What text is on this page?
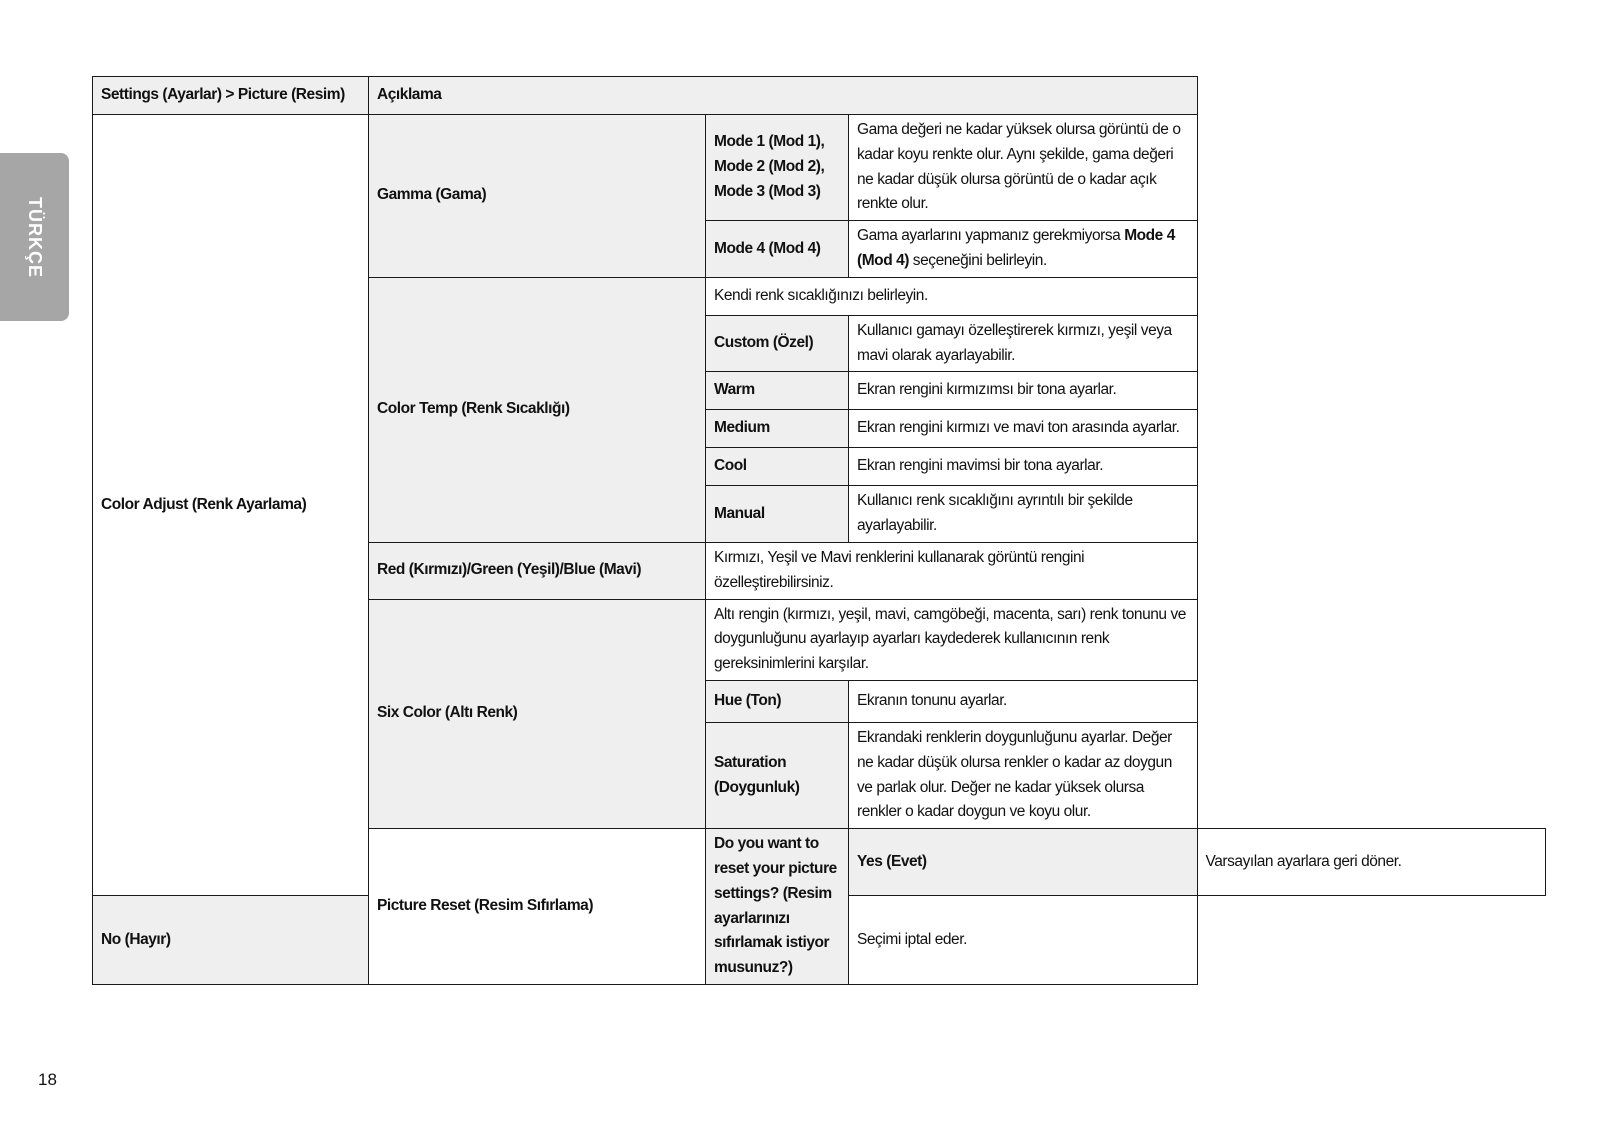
TÜRKÇE
Settings (Ayarlar) > Picture (Resim)	Açıklama			
Color Adjust (Renk Ayarlama)	Gamma (Gama)	Mode 1 (Mod 1), Mode 2 (Mod 2), Mode 3 (Mod 3)	Gama değeri ne kadar yüksek olursa görüntü de o kadar koyu renkte olur. Aynı şekilde, gama değeri ne kadar düşük olursa görüntü de o kadar açık renkte olur.	
		Mode 4 (Mod 4)	Gama ayarlarını yapmanız gerekmiyorsa Mode 4 (Mod 4) seçeneğini belirleyin.	
	Color Temp (Renk Sıcaklığı)	Kendi renk sıcaklığınızı belirleyin.		
		Custom (Özel)	Kullanıcı gamayı özelleştirerek kırmızı, yeşil veya mavi olarak ayarlayabilir.	
		Warm	Ekran rengini kırmızımsı bir tona ayarlar.	
		Medium	Ekran rengini kırmızı ve mavi ton arasında ayarlar.	
		Cool	Ekran rengini mavimsi bir tona ayarlar.	
		Manual	Kullanıcı renk sıcaklığını ayrıntılı bir şekilde ayarlayabilir.	
	Red (Kırmızı)/Green (Yeşil)/Blue (Mavi)	Kırmızı, Yeşil ve Mavi renklerini kullanarak görüntü rengini özelleştirebilirsiniz.		
	Six Color (Altı Renk)	Altı rengin (kırmızı, yeşil, mavi, camgöbeği, macenta, sarı) renk tonunu ve doygunluğunu ayarlayıp ayarları kaydederek kullanıcının renk gereksinimlerini karşılar.		
		Hue (Ton)	Ekranın tonunu ayarlar.	
		Saturation (Doygunluk)	Ekrandaki renklerin doygunluğunu ayarlar. Değer ne kadar düşük olursa renkler o kadar az doygun ve parlak olur. Değer ne kadar yüksek olursa renkler o kadar doygun ve koyu olur.	
	Picture Reset (Resim Sıfırlama)	Do you want to reset your picture settings? (Resim ayarlarınızı sıfırlamak istiyor musunuz?)	Yes (Evet)	Varsayılan ayarlara geri döner.
No (Hayır)			Seçimi iptal eder.	
18
